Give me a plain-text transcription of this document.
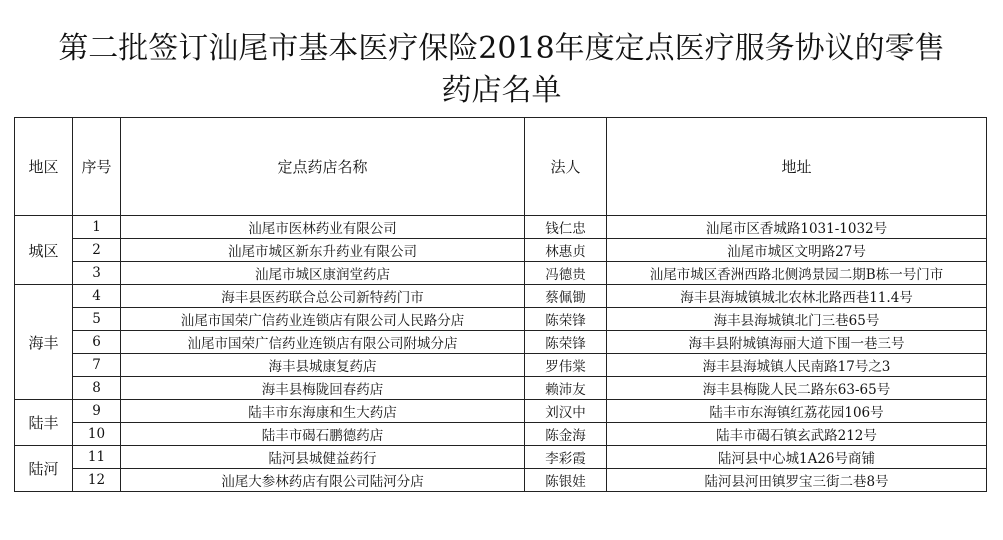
第二批签订汕尾市基本医疗保险2018年度定点医疗服务协议的零售
药店名单
地区	序号	定点药店名称	法人	地址
城区	1	汕尾市医林药业有限公司	钱仁忠	汕尾市区香城路1031-1032号
	2	汕尾市城区新东升药业有限公司	林惠贞	汕尾市城区文明路27号
	3	汕尾市城区康润堂药店	冯德贵	汕尾市城区香洲西路北侧鸿景园二期B栋一号门市
海丰	4	海丰县医药联合总公司新特药门市	蔡佩锄	海丰县海城镇城北农林北路西巷11.4号
	5	汕尾市国荣广信药业连锁店有限公司人民路分店	陈荣锋	海丰县海城镇北门三巷65号
	6	汕尾市国荣广信药业连锁店有限公司附城分店	陈荣锋	海丰县附城镇海丽大道下围一巷三号
	7	海丰县城康复药店	罗伟棠	海丰县海城镇人民南路17号之3
	8	海丰县梅陇回春药店	赖沛友	海丰县梅陇人民二路东63-65号
陆丰	9	陆丰市东海康和生大药店	刘汉中	陆丰市东海镇红荔花园106号
	10	陆丰市碣石鹏德药店	陈金海	陆丰市碣石镇玄武路212号
陆河	11	陆河县城健益药行	李彩霞	陆河县中心城1A26号商铺
	12	汕尾大参林药店有限公司陆河分店	陈银娃	陆河县河田镇罗宝三街二巷8号
